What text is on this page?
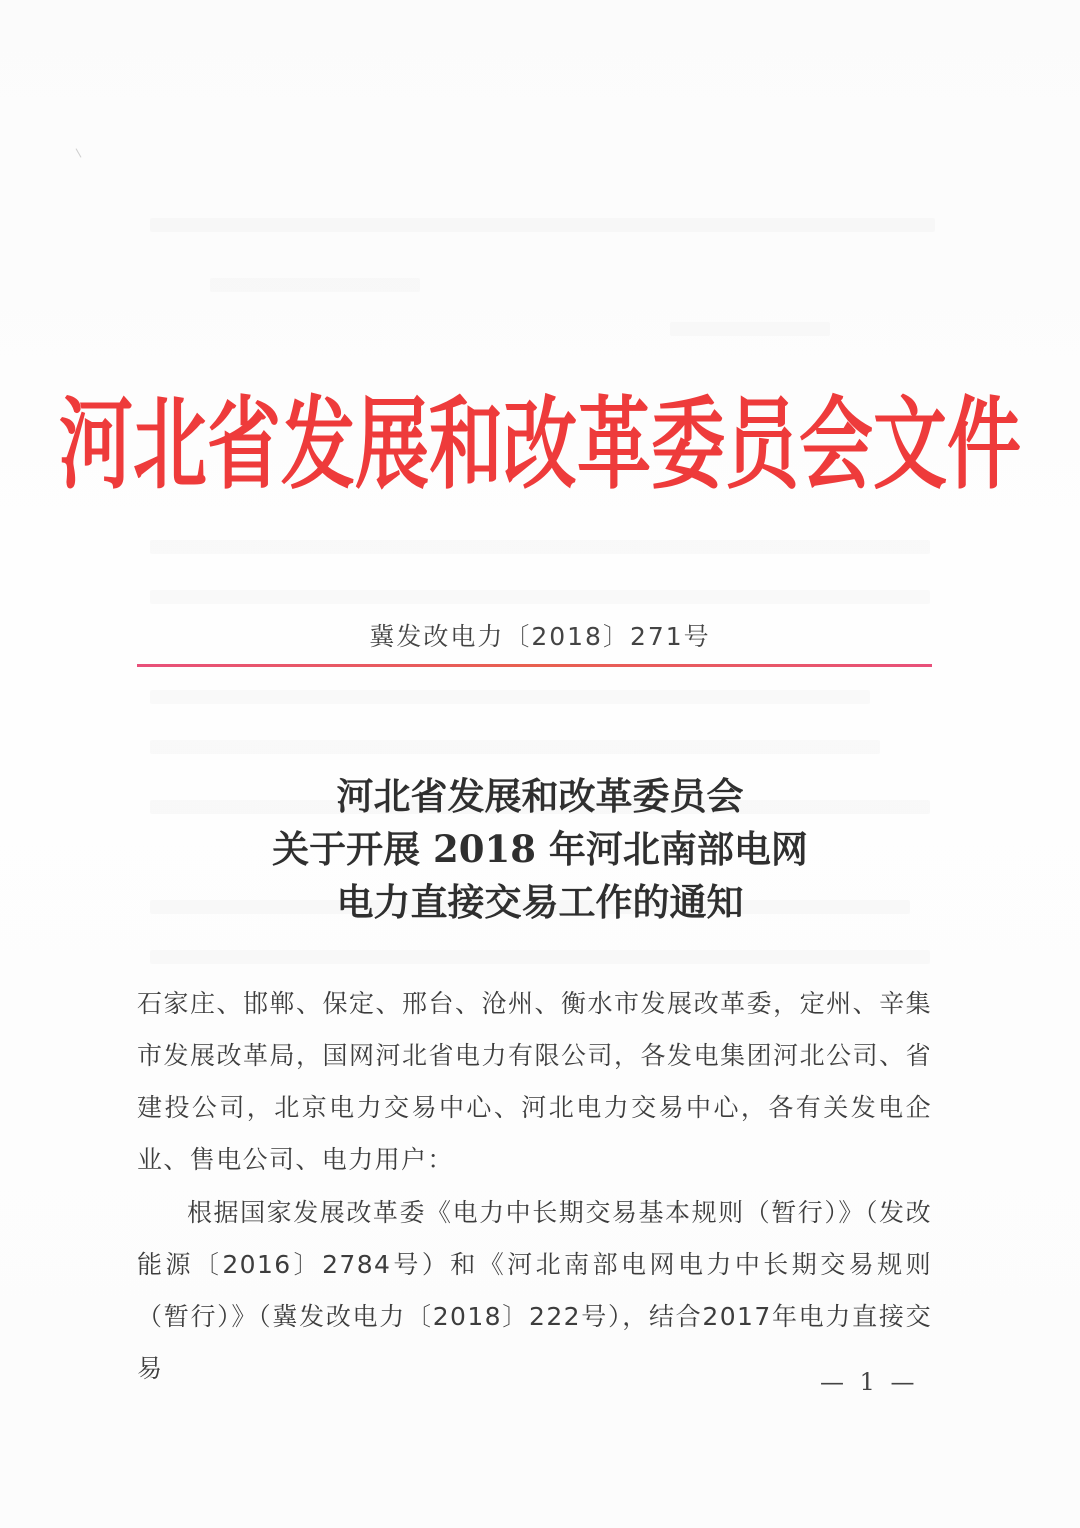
河北省发展和改革委员会文件
冀发改电力〔2018〕271号
河北省发展和改革委员会
关于开展 2018 年河北南部电网
电力直接交易工作的通知
石家庄、邯郸、保定、邢台、沧州、衡水市发展改革委，定州、辛集市发展改革局，国网河北省电力有限公司，各发电集团河北公司、省建投公司，北京电力交易中心、河北电力交易中心，各有关发电企业、售电公司、电力用户：
根据国家发展改革委《电力中长期交易基本规则（暂行）》（发改能源〔2016〕2784号）和《河北南部电网电力中长期交易规则（暂行）》（冀发改电力〔2018〕222号），结合2017年电力直接交易	— 1 —
